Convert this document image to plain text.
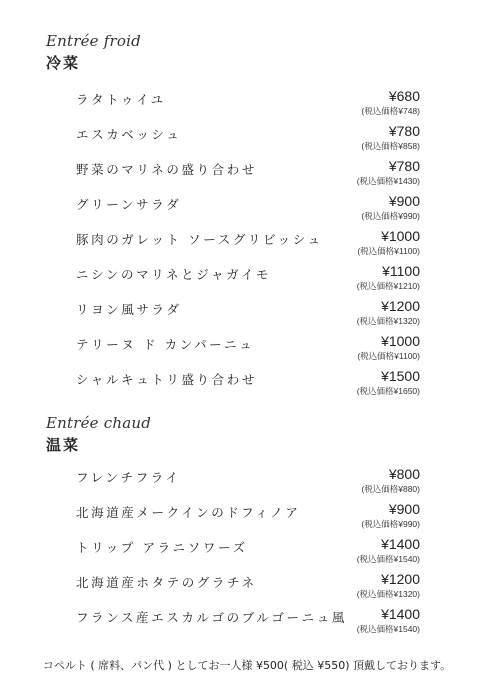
Entrée froid
冷菜
ラタトゥイユ	¥680
(税込価格¥748)
エスカベッシュ	¥780
(税込価格¥858)
野菜のマリネの盛り合わせ	¥780
(税込価格¥1430)
グリーンサラダ	¥900
(税込価格¥990)
豚肉のガレット ソースグリビッシュ	¥1000
(税込価格¥1100)
ニシンのマリネとジャガイモ	¥1100
(税込価格¥1210)
リヨン風サラダ	¥1200
(税込価格¥1320)
テリーヌ ド カンパーニュ	¥1000
(税込価格¥1100)
シャルキュトリ盛り合わせ	¥1500
(税込価格¥1650)
Entrée chaud
温菜
フレンチフライ	¥800
(税込価格¥880)
北海道産メークインのドフィノア	¥900
(税込価格¥990)
トリップ アラニソワーズ	¥1400
(税込価格¥1540)
北海道産ホタテのグラチネ	¥1200
(税込価格¥1320)
フランス産エスカルゴのブルゴーニュ風 ¥1400
(税込価格¥1540)
コペルト ( 席料、パン代 ) としてお一人様 ¥500( 税込 ¥550) 頂戴しております。
